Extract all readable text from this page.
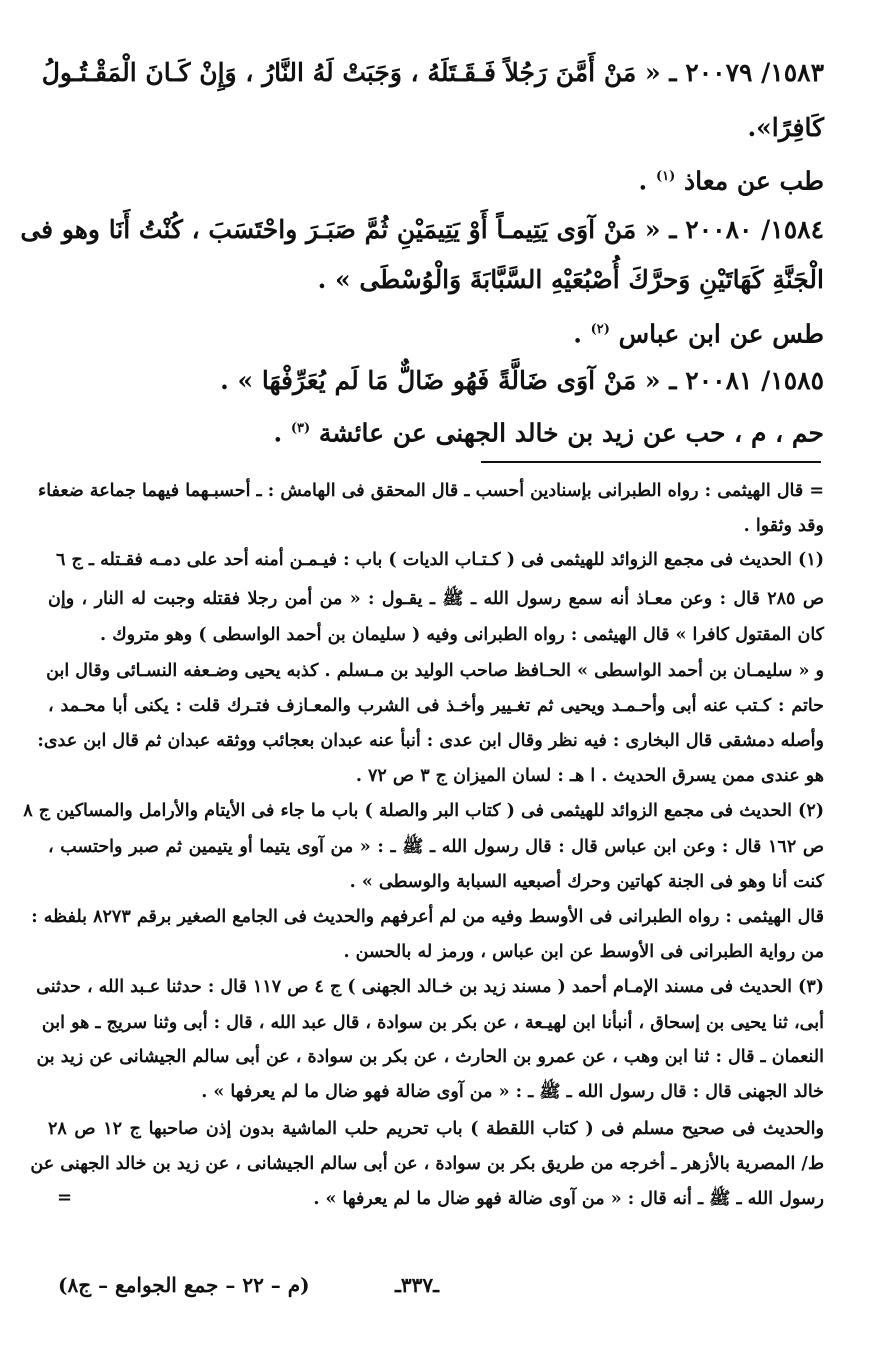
١٥٨٣/ ٢٠٠٧٩ ـ « مَنْ أَمَّنَ رَجُلاً فَـقَـتَلَهُ ، وَجَبَتْ لَهُ النَّارُ ، وَإِنْ كَـانَ الْمَقْـتُـولُ
كَافِرًا».
طب عن معاذ $^{(١)}$ .
١٥٨٤/ ٢٠٠٨٠ ـ « مَنْ آوَى يَتِيمـاً أَوْ يَتِيمَيْنِ ثُمَّ صَبَـرَ واحْتَسَبَ ، كُنْتُ أَنَا وهو فى
الْجَنَّةِ كَهَاتَيْنِ وَحرَّكَ أُصْبُعَيْهِ السَّبَّابَةَ وَالْوُسْطَى » .
طس عن ابن عباس $^{(٢)}$ .
١٥٨٥/ ٢٠٠٨١ ـ « مَنْ آوَى ضَالَّةً فَهُو ضَالٌّ مَا لَم يُعَرِّفْهَا » .
حم ، م ، حب عن زيد بن خالد الجهنى عن عائشة $^{(٣)}$ .
= قال الهيثمى : رواه الطبرانى بإسنادين أحسب ـ قال المحقق فى الهامش : ـ أحسبـهما فيهما جماعة ضعفاء
وقد وثقوا .
(١) الحديث فى مجمع الزوائد للهيثمى فى ( كـتـاب الديات ) باب : فيـمـن أمنه أحد على دمـه فقـتله ـ ج ٦
ص ٢٨٥ قال : وعن معـاذ أنه سمع رسول الله ـ ﷺ ـ يقـول : « من أمن رجلا فقتله وجبت له النار ، وإن
كان المقتول كافرا » قال الهيثمى : رواه الطبرانى وفيه ( سليمان بن أحمد الواسطى ) وهو متروك .
و « سليمـان بن أحمد الواسطى » الحـافظ صاحب الوليد بن مـسلم . كذبه يحيى وضـعفه النسـائى وقال ابن
حاتم : كـتب عنه أبى وأحـمـد ويحيى ثم تغـيير وأخـذ فى الشرب والمعـازف فتـرك قلت : يكنى أبا محـمد ،
وأصله دمشقى قال البخارى : فيه نظر وقال ابن عدى : أنبأ عنه عبدان بعجائب ووثقه عبدان ثم قال ابن عدى:
هو عندى ممن يسرق الحديث . ا هـ : لسان الميزان ج ٣ ص ٧٢ .
(٢) الحديث فى مجمع الزوائد للهيثمى فى ( كتاب البر والصلة ) باب ما جاء فى الأيتام والأرامل والمساكين ج ٨
ص ١٦٢ قال : وعن ابن عباس قال : قال رسول الله ـ ﷺ ـ : « من آوى يتيما أو يتيمين ثم صبر واحتسب ،
كنت أنا وهو فى الجنة كهاتين وحرك أصبعيه السبابة والوسطى » .
قال الهيثمى : رواه الطبرانى فى الأوسط وفيه من لم أعرفهم والحديث فى الجامع الصغير برقم ٨٢٧٣ بلفظه :
من رواية الطبرانى فى الأوسط عن ابن عباس ، ورمز له بالحسن .
(٣) الحديث فى مسند الإمـام أحمد ( مسند زيد بن خـالد الجهنى ) ج ٤ ص ١١٧ قال : حدثنا عـبد الله ، حدثنى
أبى، ثنا يحيى بن إسحاق ، أنبأنا ابن لهيـعة ، عن بكر بن سوادة ، قال عبد الله ، قال : أبى وثنا سريج ـ هو ابن
النعمان ـ قال : ثنا ابن وهب ، عن عمرو بن الحارث ، عن بكر بن سوادة ، عن أبى سالم الجيشانى عن زيد بن
خالد الجهنى قال : قال رسول الله ـ ﷺ ـ : « من آوى ضالة فهو ضال ما لم يعرفها » .
والحديث فى صحيح مسلم فى ( كتاب اللقطة ) باب تحريم حلب الماشية بدون إذن صاحبها ج ١٢ ص ٢٨
ط/ المصرية بالأزهر ـ أخرجه من طريق بكر بن سوادة ، عن أبى سالم الجيشانى ، عن زيد بن خالد الجهنى عن
رسول الله ـ ﷺ ـ أنه قال : « من آوى ضالة فهو ضال ما لم يعرفها » .
=
ـ٣٣٧ـ
(م – ٢٢ – جمع الجوامع – ج٨)
